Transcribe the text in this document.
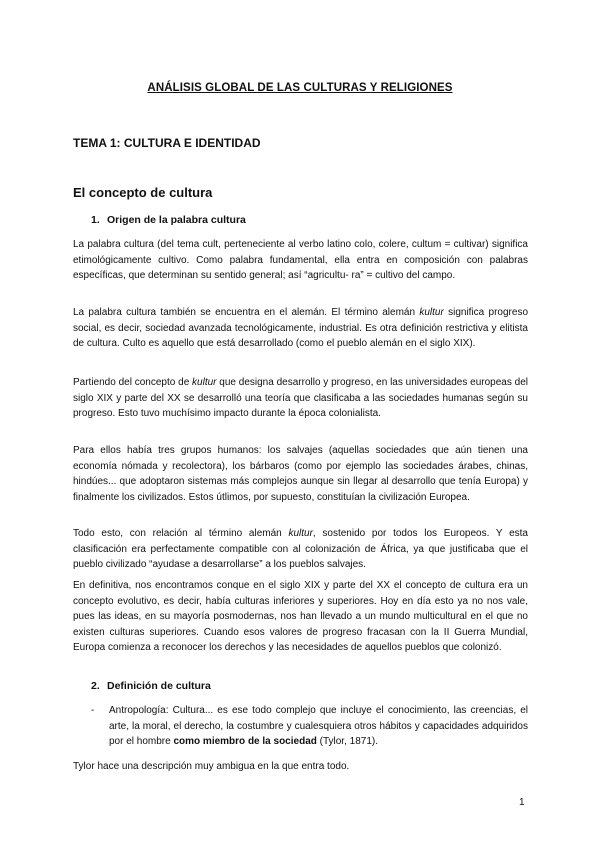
ANÁLISIS GLOBAL DE LAS CULTURAS Y RELIGIONES
TEMA 1: CULTURA E IDENTIDAD
El concepto de cultura
1. Origen de la palabra cultura
La palabra cultura (del tema cult, perteneciente al verbo latino colo, colere, cultum = cultivar) significa etimológicamente cultivo. Como palabra fundamental, ella entra en composición con palabras específicas, que determinan su sentido general; así “agricultu- ra” = cultivo del campo.
La palabra cultura también se encuentra en el alemán. El término alemán kultur significa progreso social, es decir, sociedad avanzada tecnológicamente, industrial. Es otra definición restrictiva y elitista de cultura. Culto es aquello que está desarrollado (como el pueblo alemán en el siglo XIX).
Partiendo del concepto de kultur que designa desarrollo y progreso, en las universidades europeas del siglo XIX y parte del XX se desarrolló una teoría que clasificaba a las sociedades humanas según su progreso. Esto tuvo muchísimo impacto durante la época colonialista.
Para ellos había tres grupos humanos: los salvajes (aquellas sociedades que aún tienen una economía nómada y recolectora), los bárbaros (como por ejemplo las sociedades árabes, chinas, hindúes... que adoptaron sistemas más complejos aunque sin llegar al desarrollo que tenía Europa) y finalmente los civilizados. Estos útlimos, por supuesto, constituían la civilización Europea.
Todo esto, con relación al término alemán kultur, sostenido por todos los Europeos. Y esta clasificación era perfectamente compatible con al colonización de África, ya que justificaba que el pueblo civilizado “ayudase a desarrollarse” a los pueblos salvajes.
En definitiva, nos encontramos conque en el siglo XIX y parte del XX el concepto de cultura era un concepto evolutivo, es decir, había culturas inferiores y superiores. Hoy en día esto ya no nos vale, pues las ideas, en su mayoría posmodernas, nos han llevado a un mundo multicultural en el que no existen culturas superiores. Cuando esos valores de progreso fracasan con la II Guerra Mundial, Europa comienza a reconocer los derechos y las necesidades de aquellos pueblos que colonizó.
2. Definición de cultura
- Antropología: Cultura... es ese todo complejo que incluye el conocimiento, las creencias, el arte, la moral, el derecho, la costumbre y cualesquiera otros hábitos y capacidades adquiridos por el hombre como miembro de la sociedad (Tylor, 1871).
Tylor hace una descripción muy ambigua en la que entra todo.
1
